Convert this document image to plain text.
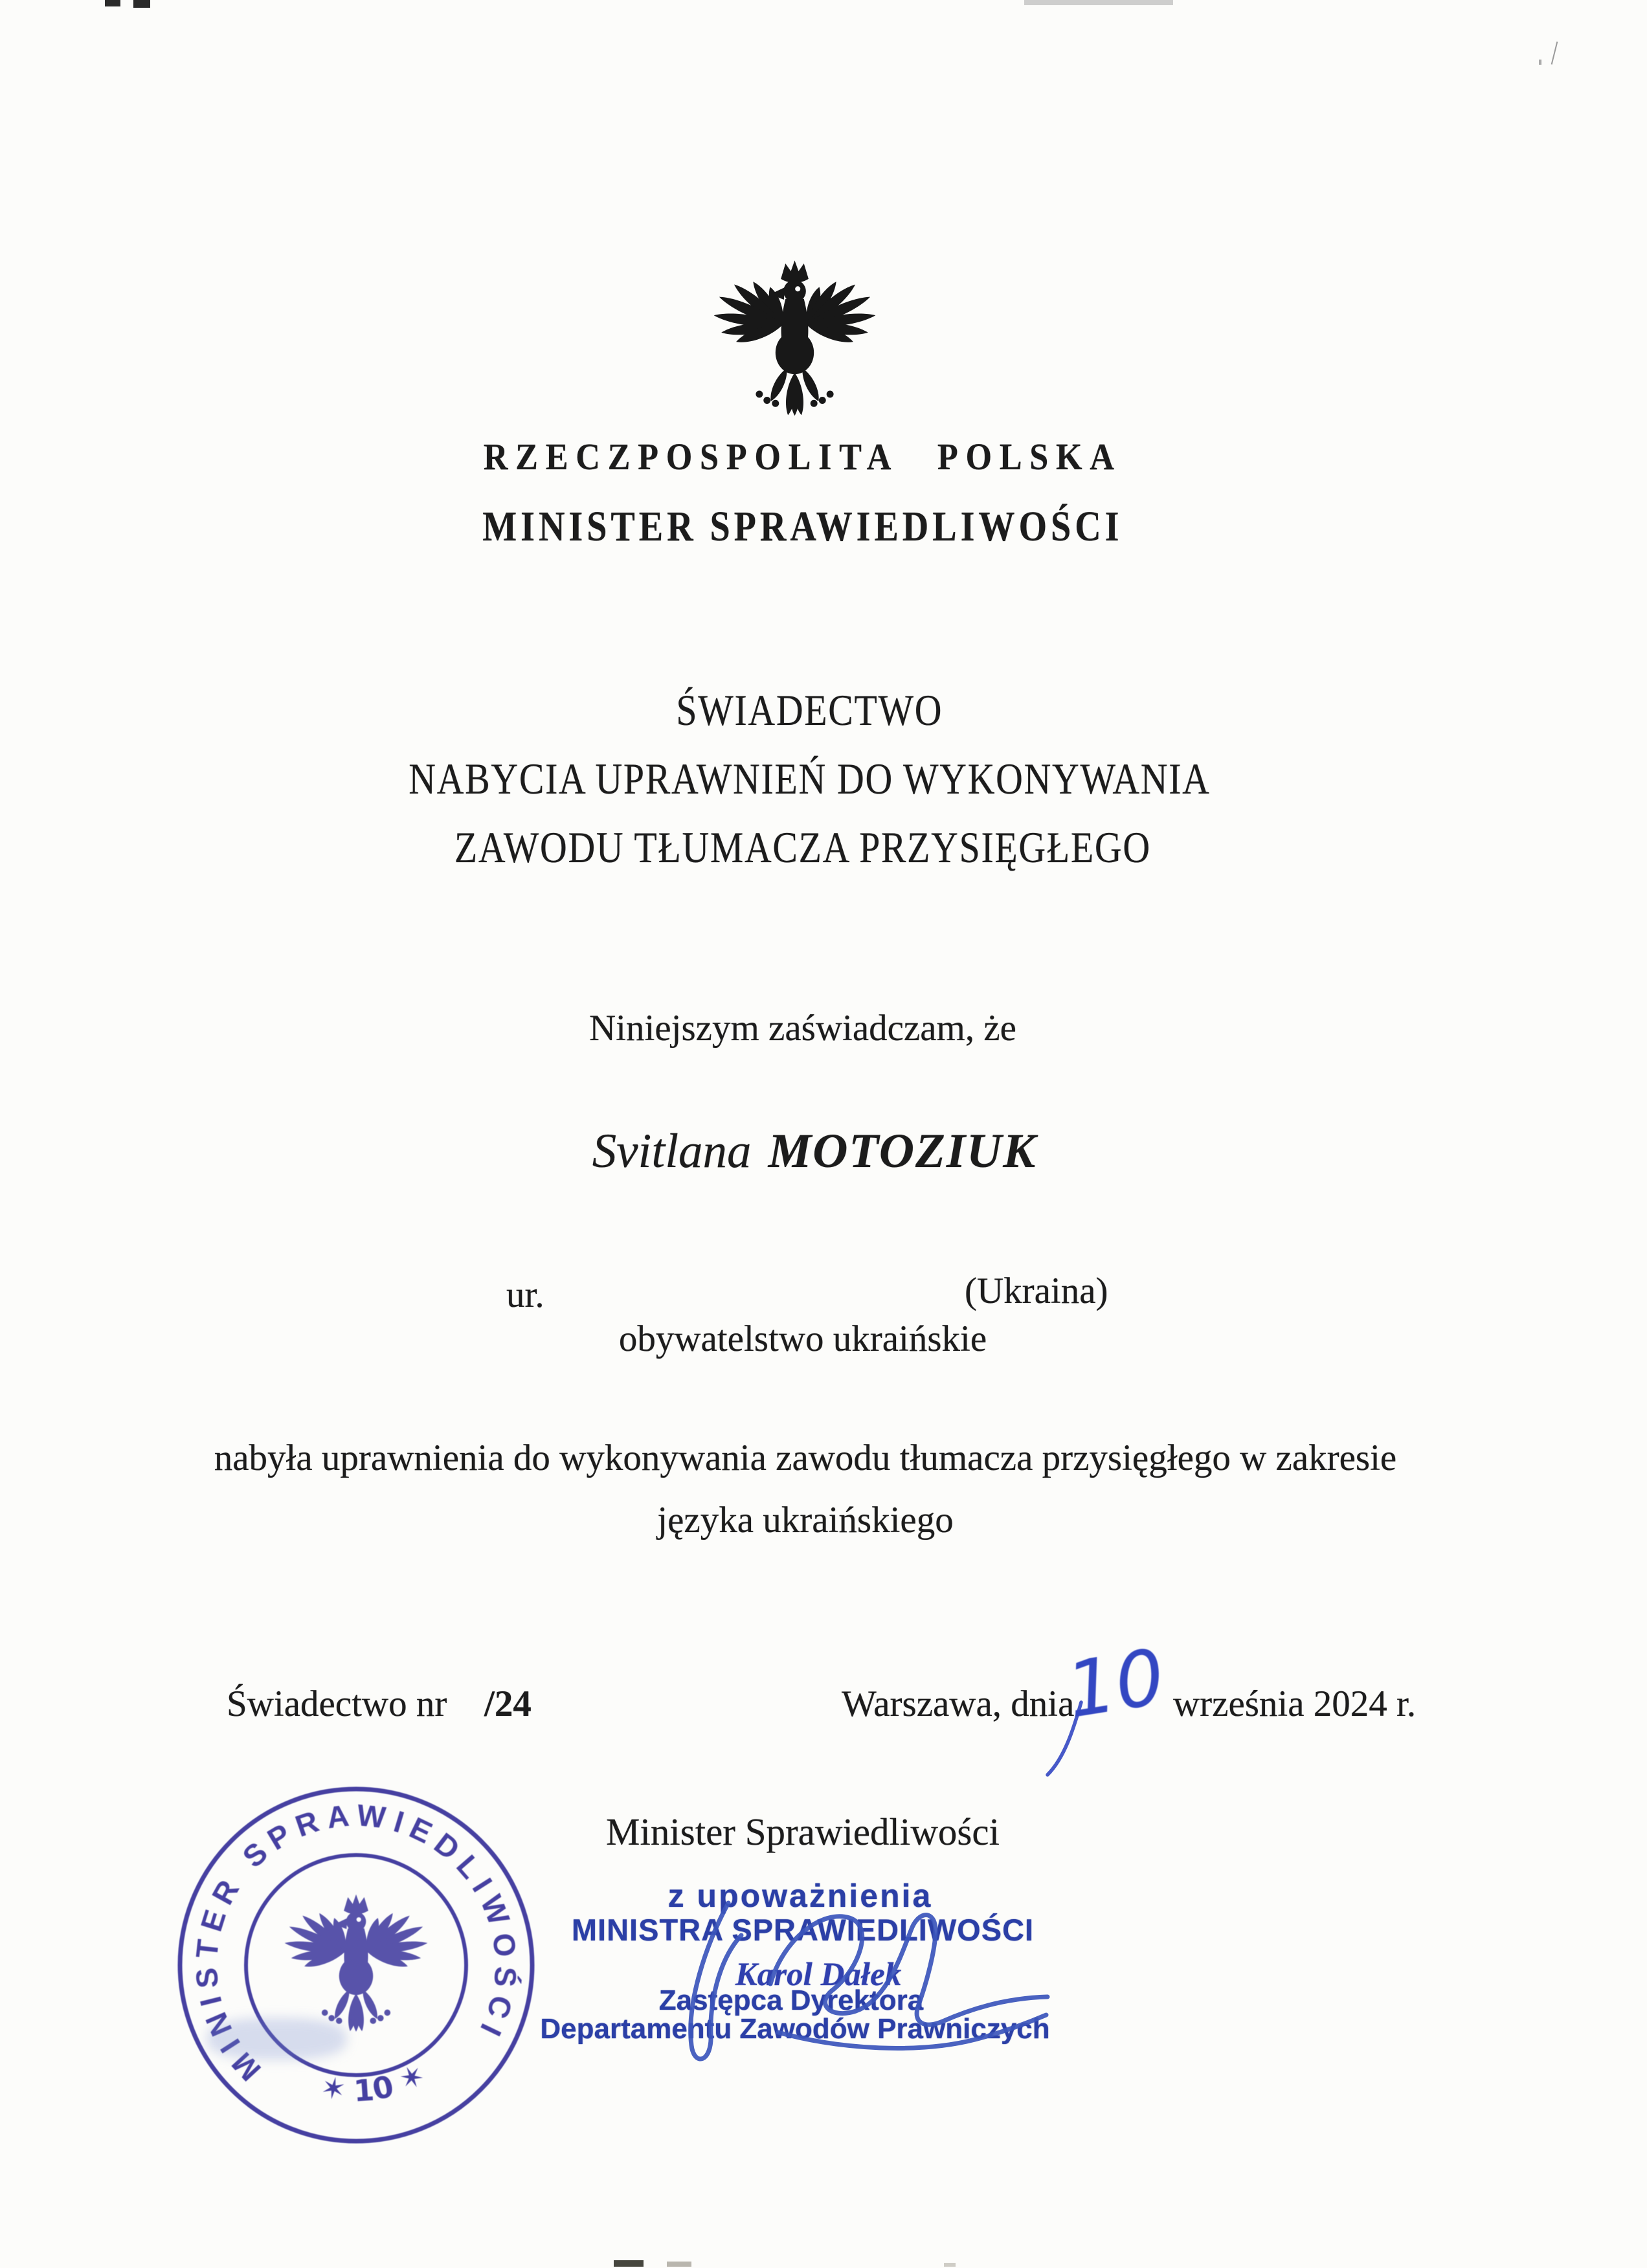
RZECZPOSPOLITA POLSKA
MINISTER SPRAWIEDLIWOŚCI
ŚWIADECTWO
NABYCIA UPRAWNIEŃ DO WYKONYWANIA
ZAWODU TŁUMACZA PRZYSIĘGŁEGO
Niniejszym zaświadczam, że
Svitlana MOTOZIUK
ur.	(Ukraina)
obywatelstwo ukraińskie
nabyła uprawnienia do wykonywania zawodu tłumacza przysięgłego w zakresie
języka ukraińskiego
Świadectwo nr /24	Warszawa, dnia
10 września 2024 r.
Minister Sprawiedliwości
z upoważnienia
MINISTRA SPRAWIEDLIWOŚCI
Karol Dałek
Zastępca Dyrektora
Departamentu Zawodów Prawniczych
MINISTER SPRAWIEDLIWOŚCI
✶ 10 ✶
